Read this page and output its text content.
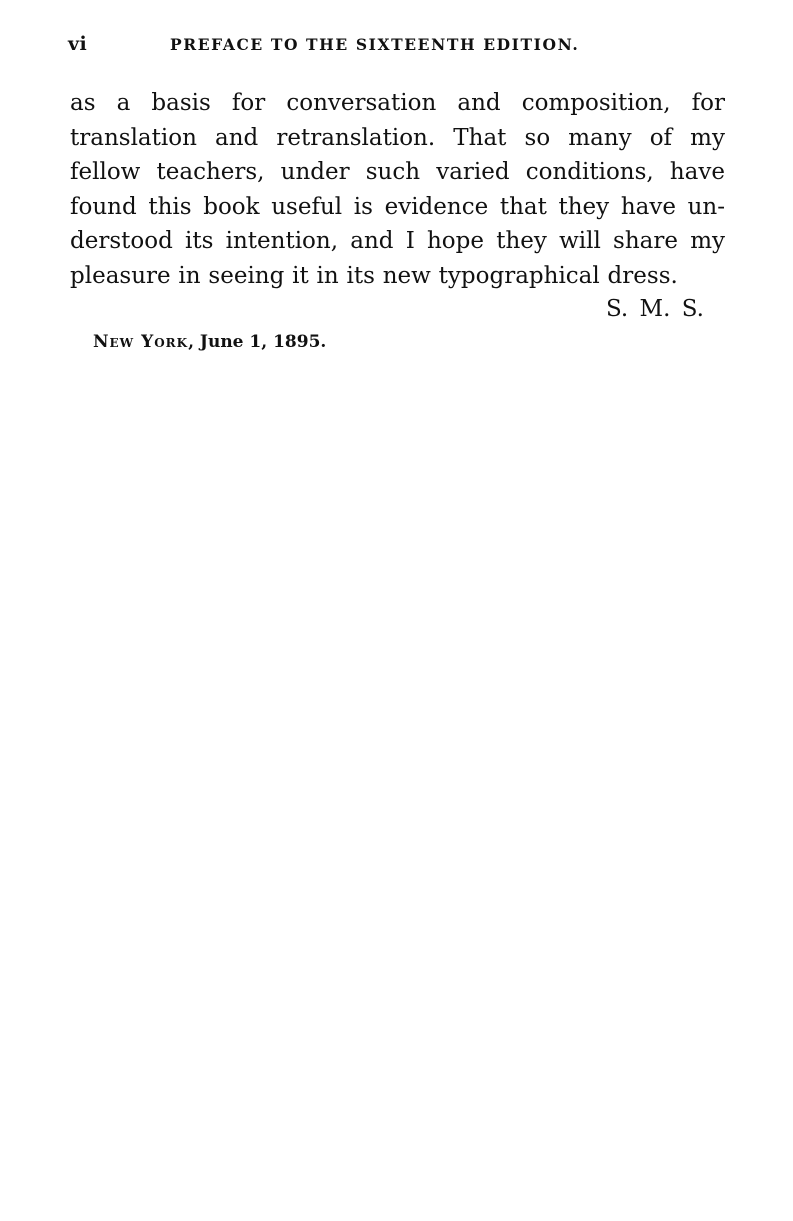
vi	PREFACE TO THE SIXTEENTH EDITION.
as a basis for conversation and composition, for
translation and retranslation. That so many of my
fellow teachers, under such varied conditions, have
found this book useful is evidence that they have un-
derstood its intention, and I hope they will share my
pleasure in seeing it in its new typographical dress.
S. M. S.
New York, June 1, 1895.
